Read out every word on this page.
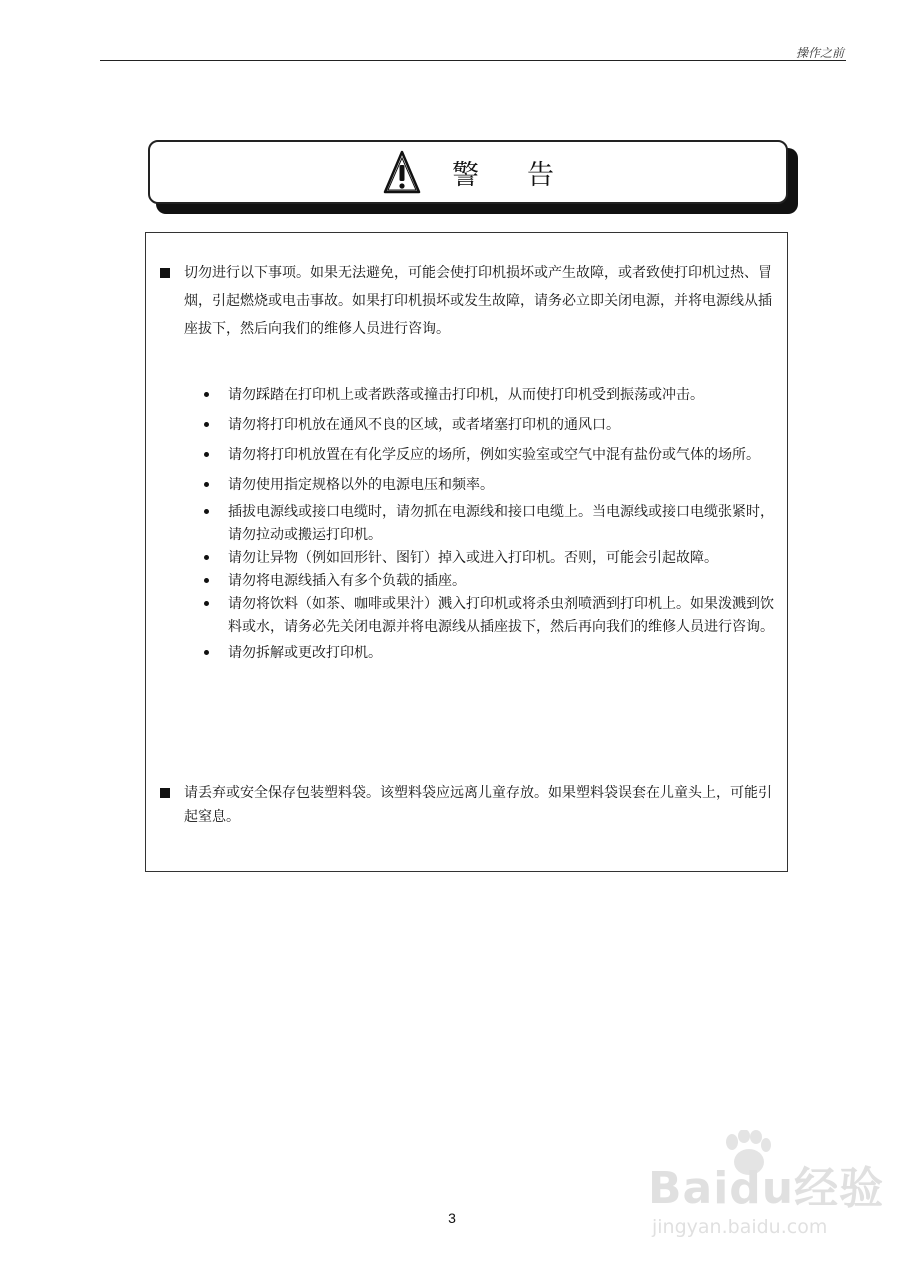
操作之前
警告
切勿进行以下事项。如果无法避免，可能会使打印机损坏或产生故障，或者致使打印机过热、冒烟，引起燃烧或电击事故。如果打印机损坏或发生故障，请务必立即关闭电源，并将电源线从插座拔下，然后向我们的维修人员进行咨询。
请勿踩踏在打印机上或者跌落或撞击打印机，从而使打印机受到振荡或冲击。
请勿将打印机放在通风不良的区域，或者堵塞打印机的通风口。
请勿将打印机放置在有化学反应的场所，例如实验室或空气中混有盐份或气体的场所。
请勿使用指定规格以外的电源电压和频率。
插拔电源线或接口电缆时，请勿抓在电源线和接口电缆上。当电源线或接口电缆张紧时，请勿拉动或搬运打印机。
请勿让异物（例如回形针、图钉）掉入或进入打印机。否则，可能会引起故障。
请勿将电源线插入有多个负载的插座。
请勿将饮料（如茶、咖啡或果汁）溅入打印机或将杀虫剂喷洒到打印机上。如果泼溅到饮料或水，请务必先关闭电源并将电源线从插座拔下，然后再向我们的维修人员进行咨询。
请勿拆解或更改打印机。
请丢弃或安全保存包装塑料袋。该塑料袋应远离儿童存放。如果塑料袋误套在儿童头上，可能引起窒息。
3
Baidu经验
jingyan.baidu.com
